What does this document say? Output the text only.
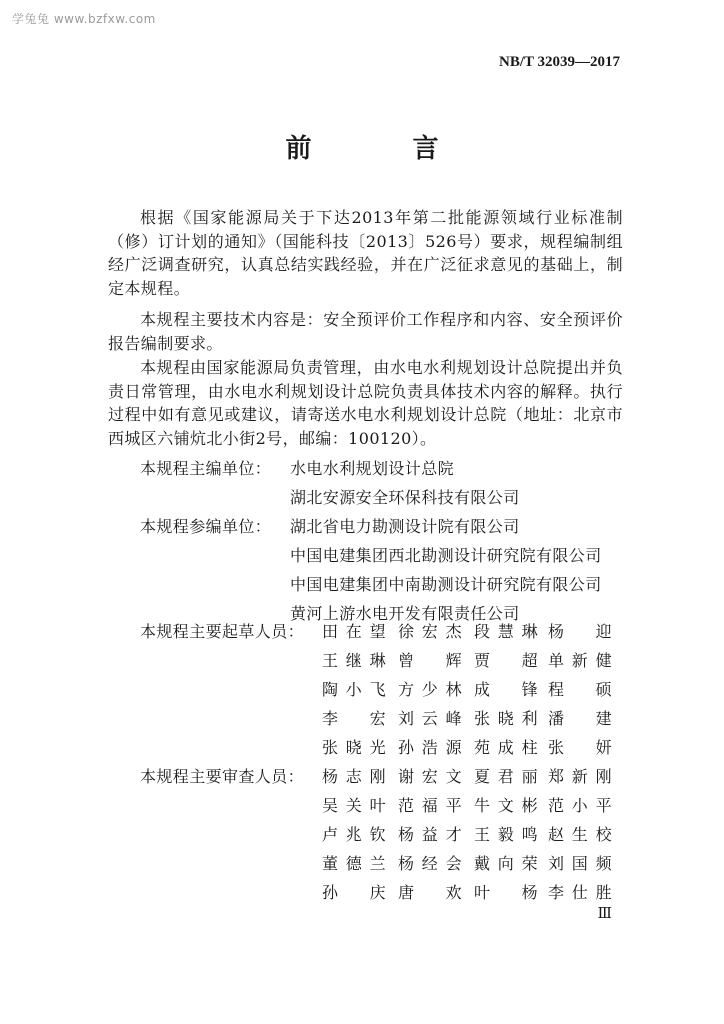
学兔兔 www.bzfxw.com
NB/T 32039—2017
前 言

根据《国家能源局关于下达2013年第二批能源领域行业标准制（修）订计划的通知》（国能科技〔2013〕526号）要求，规程编制组经广泛调查研究，认真总结实践经验，并在广泛征求意见的基础上，制定本规程。

本规程主要技术内容是：安全预评价工作程序和内容、安全预评价报告编制要求。

本规程由国家能源局负责管理，由水电水利规划设计总院提出并负责日常管理，由水电水利规划设计总院负责具体技术内容的解释。执行过程中如有意见或建议，请寄送水电水利规划设计总院（地址：北京市西城区六铺炕北小街2号，邮编：100120）。

本规程主编单位： 水电水利规划设计总院
湖北安源安全环保科技有限公司
本规程参编单位： 湖北省电力勘测设计院有限公司
中国电建集团西北勘测设计研究院有限公司
中国电建集团中南勘测设计研究院有限公司
黄河上游水电开发有限责任公司
本规程主要起草人员： 田在望 徐宏杰 段慧琳 杨迎
王继琳 曾辉 贾超 单新健
陶小飞 方少林 成锋 程硕
李宏 刘云峰 张晓利 潘建
张晓光 孙浩源 苑成柱 张妍
本规程主要审查人员： 杨志刚 谢宏文 夏君丽 郑新刚
吴关叶 范福平 牛文彬 范小平
卢兆钦 杨益才 王毅鸣 赵生校
董德兰 杨经会 戴向荣 刘国频
孙庆 唐欢 叶杨 李仕胜
Ⅲ
